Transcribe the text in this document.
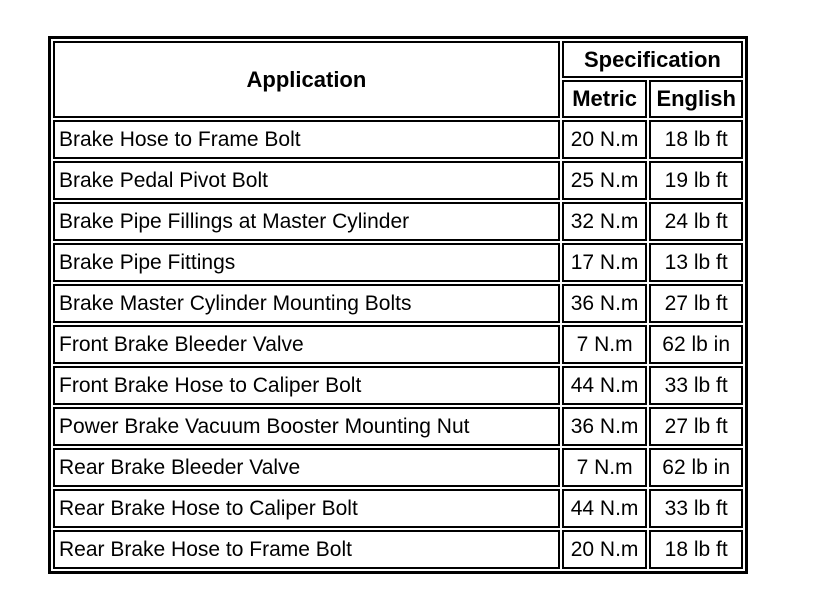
Application	Specification	
	Metric	English
Brake Hose to Frame Bolt	20 N.m	18 lb ft
Brake Pedal Pivot Bolt	25 N.m	19 lb ft
Brake Pipe Fillings at Master Cylinder	32 N.m	24 lb ft
Brake Pipe Fittings	17 N.m	13 lb ft
Brake Master Cylinder Mounting Bolts	36 N.m	27 lb ft
Front Brake Bleeder Valve	7 N.m	62 lb in
Front Brake Hose to Caliper Bolt	44 N.m	33 lb ft
Power Brake Vacuum Booster Mounting Nut	36 N.m	27 lb ft
Rear Brake Bleeder Valve	7 N.m	62 lb in
Rear Brake Hose to Caliper Bolt	44 N.m	33 lb ft
Rear Brake Hose to Frame Bolt	20 N.m	18 lb ft
